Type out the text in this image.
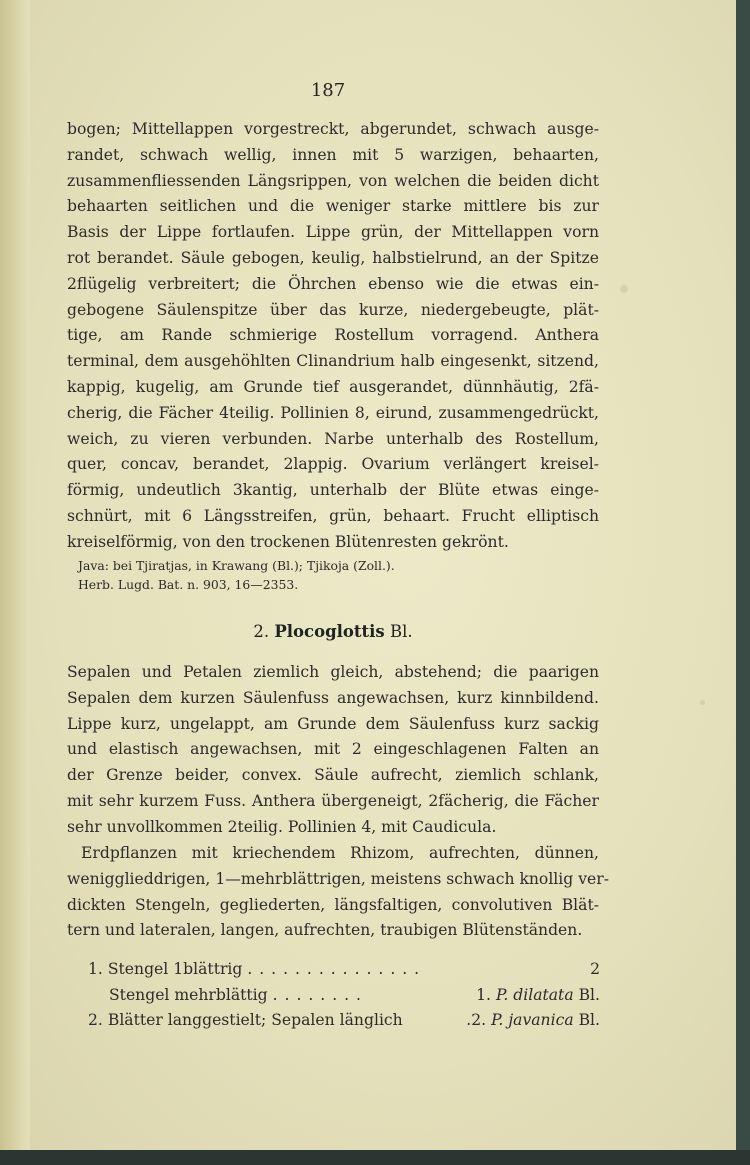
187
bogen; Mittellappen vorgestreckt, abgerundet, schwach ausge-
randet, schwach wellig, innen mit 5 warzigen, behaarten,
zusammenfliessenden Längsrippen, von welchen die beiden dicht
behaarten seitlichen und die weniger starke mittlere bis zur
Basis der Lippe fortlaufen. Lippe grün, der Mittellappen vorn
rot berandet. Säule gebogen, keulig, halbstielrund, an der Spitze
2flügelig verbreitert; die Öhrchen ebenso wie die etwas ein-
gebogene Säulenspitze über das kurze, niedergebeugte, plät-
tige, am Rande schmierige Rostellum vorragend. Anthera
terminal, dem ausgehöhlten Clinandrium halb eingesenkt, sitzend,
kappig, kugelig, am Grunde tief ausgerandet, dünnhäutig, 2fä-
cherig, die Fächer 4teilig. Pollinien 8, eirund, zusammengedrückt,
weich, zu vieren verbunden. Narbe unterhalb des Rostellum,
quer, concav, berandet, 2lappig. Ovarium verlängert kreisel-
förmig, undeutlich 3kantig, unterhalb der Blüte etwas einge-
schnürt, mit 6 Längsstreifen, grün, behaart. Frucht elliptisch
kreiselförmig, von den trockenen Blütenresten gekrönt.
Java: bei Tjiratjas, in Krawang (Bl.); Tjikoja (Zoll.).
Herb. Lugd. Bat. n. 903, 16—2353.
2. Plocoglottis Bl.
Sepalen und Petalen ziemlich gleich, abstehend; die paarigen
Sepalen dem kurzen Säulenfuss angewachsen, kurz kinnbildend.
Lippe kurz, ungelappt, am Grunde dem Säulenfuss kurz sackig
und elastisch angewachsen, mit 2 eingeschlagenen Falten an
der Grenze beider, convex. Säule aufrecht, ziemlich schlank,
mit sehr kurzem Fuss. Anthera übergeneigt, 2fächerig, die Fächer
sehr unvollkommen 2teilig. Pollinien 4, mit Caudicula.
Erdpflanzen mit kriechendem Rhizom, aufrechten, dünnen,
wenigglieddrigen, 1—mehrblättrigen, meistens schwach knollig ver-
dickten Stengeln, gegliederten, längsfaltigen, convolutiven Blät-
tern und lateralen, langen, aufrechten, traubigen Blütenständen.
1. Stengel 1blättrig . . . . . . . . . . . . . . .	2
Stengel mehrblättig . . . . . . . .	1. P. dilatata Bl.
2. Blätter langgestielt; Sepalen länglich	.2. P. javanica Bl.
